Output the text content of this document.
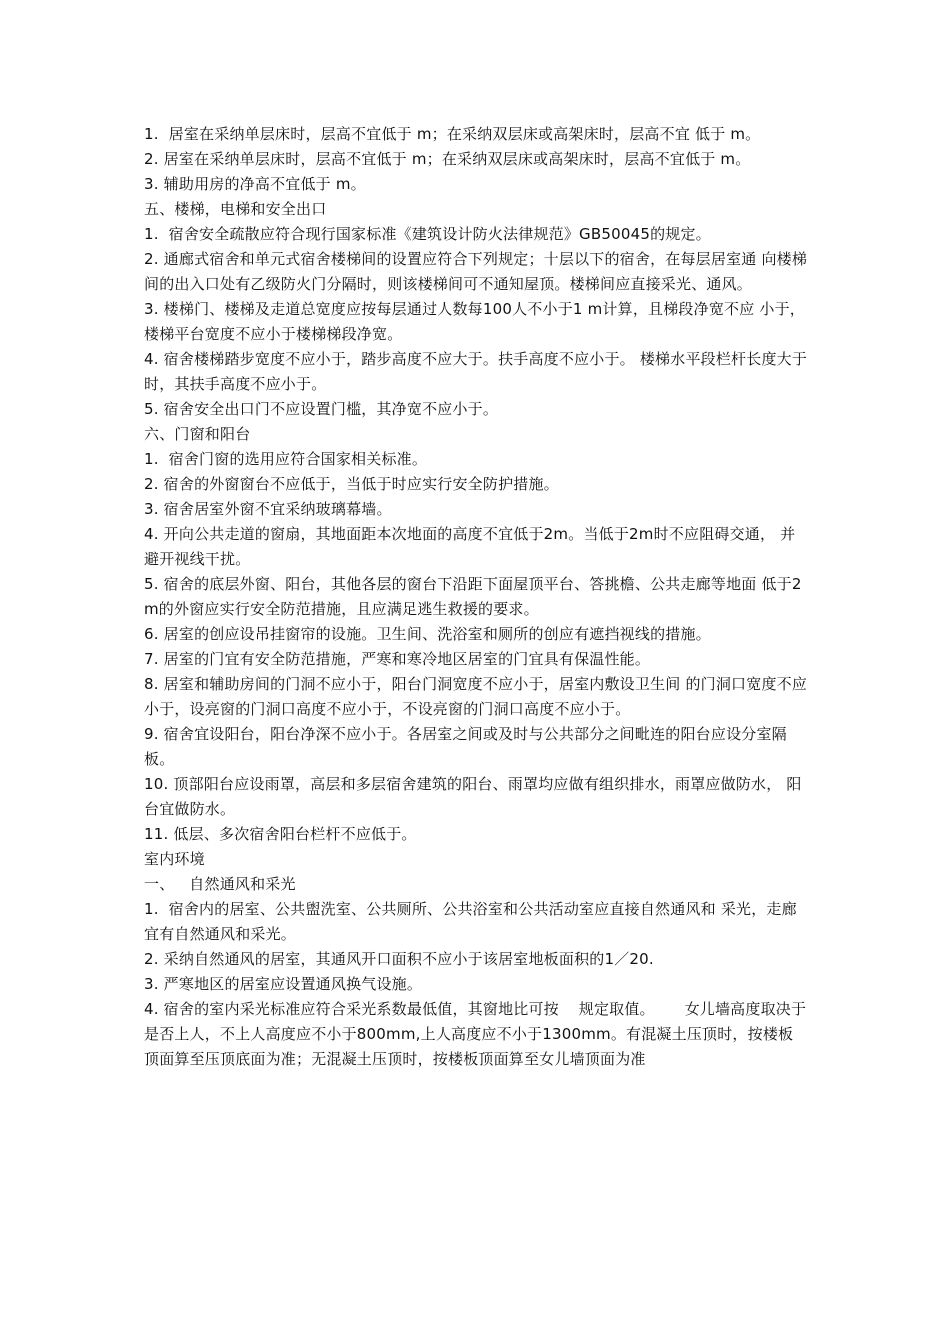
1.  居室在采纳单层床时，层高不宜低于 m；在采纳双层床或高架床时，层高不宜 低于 m。

2. 居室在采纳单层床时，层高不宜低于 m；在采纳双层床或高架床时，层高不宜低于 m。

3. 辅助用房的净高不宜低于 m。

五、楼梯，电梯和安全出口

1.  宿舍安全疏散应符合现行国家标准《建筑设计防火法律规范》GB50045的规定。

2. 通廊式宿舍和单元式宿舍楼梯间的设置应符合下列规定；十层以下的宿舍，在每层居室通 向楼梯间的出入口处有乙级防火门分隔时，则该楼梯间可不通知屋顶。楼梯间应直接采光、通风。

3. 楼梯门、楼梯及走道总宽度应按每层通过人数每100人不小于1 m计算，且梯段净宽不应 小于，楼梯平台宽度不应小于楼梯梯段净宽。

4. 宿舍楼梯踏步宽度不应小于，踏步高度不应大于。扶手高度不应小于。 楼梯水平段栏杆长度大于时，其扶手高度不应小于。

5. 宿舍安全出口门不应设置门槛，其净宽不应小于。

六、门窗和阳台

1.  宿舍门窗的选用应符合国家相关标准。

2. 宿舍的外窗窗台不应低于，当低于时应实行安全防护措施。

3. 宿舍居室外窗不宜采纳玻璃幕墙。

4. 开向公共走道的窗扇，其地面距本次地面的高度不宜低于2m。当低于2m时不应阻碍交通， 并避开视线干扰。

5. 宿舍的底层外窗、阳台，其他各层的窗台下沿距下面屋顶平台、答挑檐、公共走廊等地面 低于2m的外窗应实行安全防范措施，且应满足逃生救援的要求。

6. 居室的创应设吊挂窗帘的设施。卫生间、洗浴室和厕所的创应有遮挡视线的措施。

7. 居室的门宜有安全防范措施，严寒和寒冷地区居室的门宜具有保温性能。

8. 居室和辅助房间的门洞不应小于，阳台门洞宽度不应小于，居室内敷设卫生间 的门洞口宽度不应小于，设亮窗的门洞口高度不应小于，不设亮窗的门洞口高度不应小于。

9. 宿舍宜设阳台，阳台净深不应小于。各居室之间或及时与公共部分之间毗连的阳台应设分室隔板。

10. 顶部阳台应设雨罩，高层和多层宿舍建筑的阳台、雨罩均应做有组织排水，雨罩应做防水， 阳台宜做防水。

11. 低层、多次宿舍阳台栏杆不应低于。

室内环境

一、   自然通风和采光

1.  宿舍内的居室、公共盥洗室、公共厕所、公共浴室和公共活动室应直接自然通风和 采光，走廊宜有自然通风和采光。

2. 采纳自然通风的居室，其通风开口面积不应小于该居室地板面积的1／20.

3. 严寒地区的居室应设置通风换气设施。

4. 宿舍的室内采光标准应符合采光系数最低值，其窗地比可按    规定取值。      女儿墙高度取决于是否上人，不上人高度应不小于800mm,上人高度应不小于1300mm。有混凝土压顶时，按楼板顶面算至压顶底面为准；无混凝土压顶时，按楼板顶面算至女儿墙顶面为准
